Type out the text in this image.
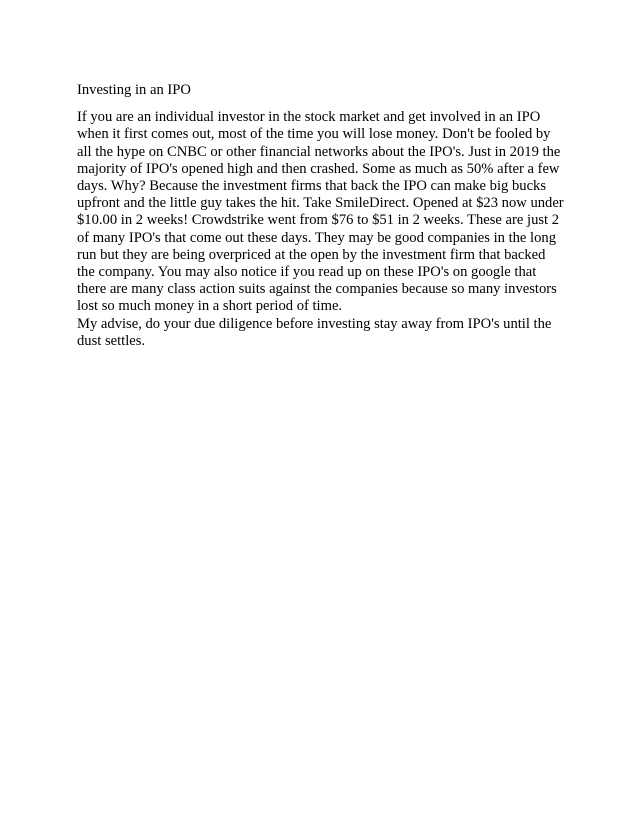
Investing in an IPO

If you are an individual investor in the stock market and get involved in an IPO when it first comes out, most of the time you will lose money. Don't be fooled by all the hype on CNBC or other financial networks about the IPO's. Just in 2019 the majority of IPO's opened high and then crashed. Some as much as 50% after a few days. Why? Because the investment firms that back the IPO can make big bucks upfront and the little guy takes the hit. Take SmileDirect. Opened at $23 now under $10.00 in 2 weeks! Crowdstrike went from $76 to $51 in 2 weeks. These are just 2 of many IPO's that come out these days. They may be good companies in the long run but they are being overpriced at the open by the investment firm that backed the company. You may also notice if you read up on these IPO's on google that there are many class action suits against the companies because so many investors lost so much money in a short period of time.

My advise, do your due diligence before investing stay away from IPO's until the dust settles.
